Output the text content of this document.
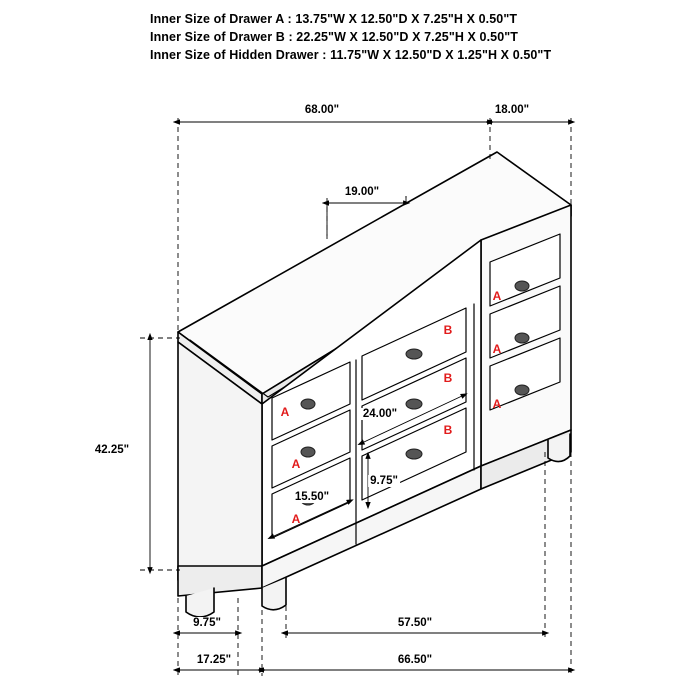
Inner Size of Drawer A : 13.75"W X 12.50"D X 7.25"H X 0.50"T
Inner Size of Drawer B : 22.25"W X 12.50"D X 7.25"H X 0.50"T
Inner Size of Hidden Drawer : 11.75"W X 12.50"D X 1.25"H X 0.50"T
68.00"	18.00"
19.00"
24.00"
15.50"
9.75"
42.25"
9.75"
17.25"
57.50"
66.50"
A
A
A
B
B
B
A
A
A
